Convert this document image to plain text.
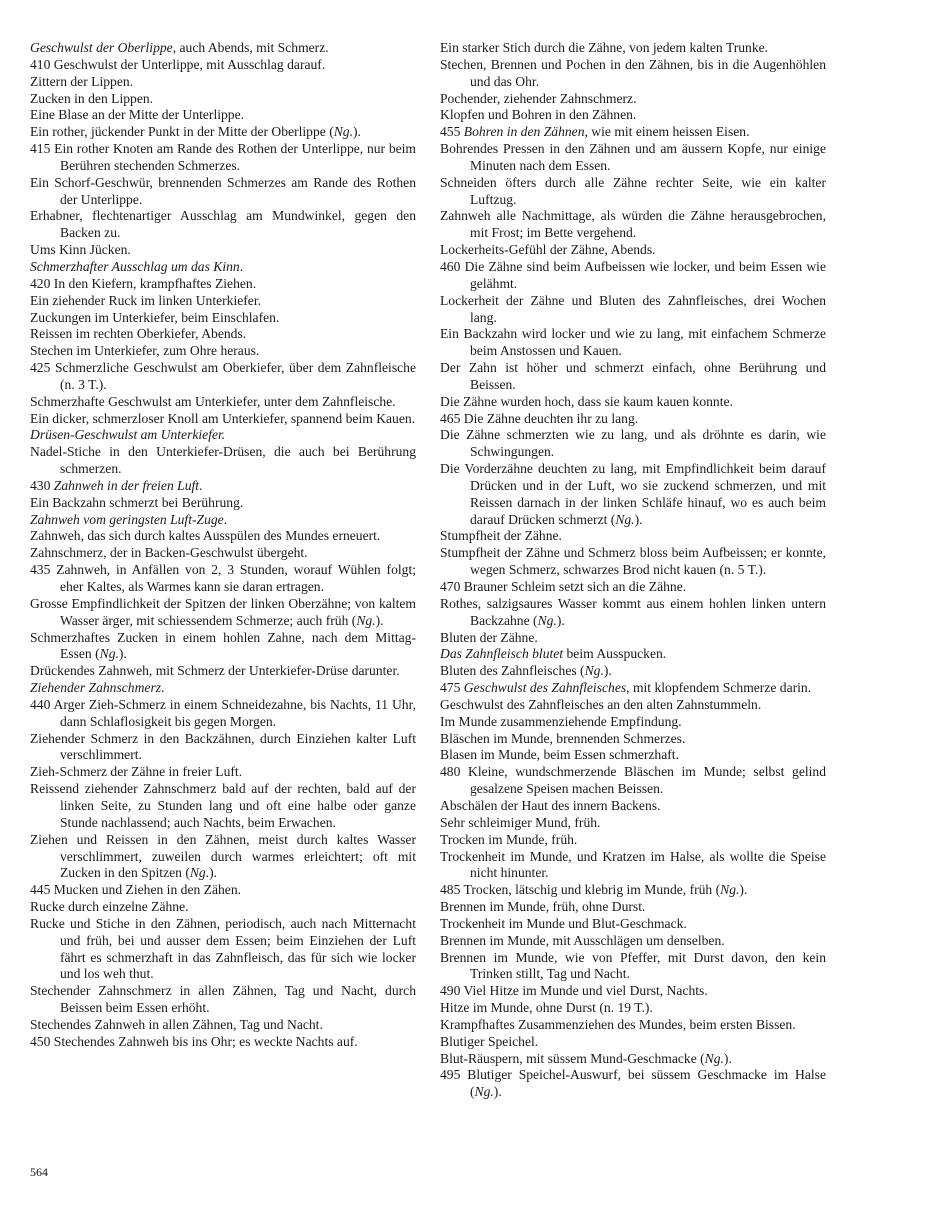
Geschwulst der Oberlippe, auch Abends, mit Schmerz.
410 Geschwulst der Unterlippe, mit Ausschlag darauf.
Zittern der Lippen.
Zucken in den Lippen.
Eine Blase an der Mitte der Unterlippe.
Ein rother, jückender Punkt in der Mitte der Oberlippe (Ng.).
415 Ein rother Knoten am Rande des Rothen der Unterlippe, nur beim Berühren stechenden Schmerzes.
Ein Schorf-Geschwür, brennenden Schmerzes am Rande des Rothen der Unterlippe.
Erhabner, flechtenartiger Ausschlag am Mundwinkel, gegen den Backen zu.
Ums Kinn Jücken.
Schmerzhafter Ausschlag um das Kinn.
420 In den Kiefern, krampfhaftes Ziehen.
Ein ziehender Ruck im linken Unterkiefer.
Zuckungen im Unterkiefer, beim Einschlafen.
Reissen im rechten Oberkiefer, Abends.
Stechen im Unterkiefer, zum Ohre heraus.
425 Schmerzliche Geschwulst am Oberkiefer, über dem Zahnfleische (n. 3 T.).
Schmerzhafte Geschwulst am Unterkiefer, unter dem Zahnfleische.
Ein dicker, schmerzloser Knoll am Unterkiefer, spannend beim Kauen.
Drüsen-Geschwulst am Unterkiefer.
Nadel-Stiche in den Unterkiefer-Drüsen, die auch bei Berührung schmerzen.
430 Zahnweh in der freien Luft.
Ein Backzahn schmerzt bei Berührung.
Zahnweh vom geringsten Luft-Zuge.
Zahnweh, das sich durch kaltes Ausspülen des Mundes erneuert.
Zahnschmerz, der in Backen-Geschwulst übergeht.
435 Zahnweh, in Anfällen von 2, 3 Stunden, worauf Wühlen folgt; eher Kaltes, als Warmes kann sie daran ertragen.
Grosse Empfindlichkeit der Spitzen der linken Oberzähne; von kaltem Wasser ärger, mit schiessendem Schmerze; auch früh (Ng.).
Schmerzhaftes Zucken in einem hohlen Zahne, nach dem Mittag-Essen (Ng.).
Drückendes Zahnweh, mit Schmerz der Unterkiefer-Drüse darunter.
Ziehender Zahnschmerz.
440 Arger Zieh-Schmerz in einem Schneidezahne, bis Nachts, 11 Uhr, dann Schlaflosigkeit bis gegen Morgen.
Ziehender Schmerz in den Backzähnen, durch Einziehen kalter Luft verschlimmert.
Zieh-Schmerz der Zähne in freier Luft.
Reissend ziehender Zahnschmerz bald auf der rechten, bald auf der linken Seite, zu Stunden lang und oft eine halbe oder ganze Stunde nachlassend; auch Nachts, beim Erwachen.
Ziehen und Reissen in den Zähnen, meist durch kaltes Wasser verschlimmert, zuweilen durch warmes erleichtert; oft mit Zucken in den Spitzen (Ng.).
445 Mucken und Ziehen in den Zähen.
Rucke durch einzelne Zähne.
Rucke und Stiche in den Zähnen, periodisch, auch nach Mitternacht und früh, bei und ausser dem Essen; beim Einziehen der Luft fährt es schmerzhaft in das Zahnfleisch, das für sich wie locker und los weh thut.
Stechender Zahnschmerz in allen Zähnen, Tag und Nacht, durch Beissen beim Essen erhöht.
Stechendes Zahnweh in allen Zähnen, Tag und Nacht.
450 Stechendes Zahnweh bis ins Ohr; es weckte Nachts auf.
Ein starker Stich durch die Zähne, von jedem kalten Trunke.
Stechen, Brennen und Pochen in den Zähnen, bis in die Augenhöhlen und das Ohr.
Pochender, ziehender Zahnschmerz.
Klopfen und Bohren in den Zähnen.
455 Bohren in den Zähnen, wie mit einem heissen Eisen.
Bohrendes Pressen in den Zähnen und am äussern Kopfe, nur einige Minuten nach dem Essen.
Schneiden öfters durch alle Zähne rechter Seite, wie ein kalter Luftzug.
Zahnweh alle Nachmittage, als würden die Zähne herausgebrochen, mit Frost; im Bette vergehend.
Lockerheits-Gefühl der Zähne, Abends.
460 Die Zähne sind beim Aufbeissen wie locker, und beim Essen wie gelähmt.
Lockerheit der Zähne und Bluten des Zahnfleisches, drei Wochen lang.
Ein Backzahn wird locker und wie zu lang, mit einfachem Schmerze beim Anstossen und Kauen.
Der Zahn ist höher und schmerzt einfach, ohne Berührung und Beissen.
Die Zähne wurden hoch, dass sie kaum kauen konnte.
465 Die Zähne deuchten ihr zu lang.
Die Zähne schmerzten wie zu lang, und als dröhnte es darin, wie Schwingungen.
Die Vorderzähne deuchten zu lang, mit Empfindlichkeit beim darauf Drücken und in der Luft, wo sie zuckend schmerzen, und mit Reissen darnach in der linken Schläfe hinauf, wo es auch beim darauf Drücken schmerzt (Ng.).
Stumpfheit der Zähne.
Stumpfheit der Zähne und Schmerz bloss beim Aufbeissen; er konnte, wegen Schmerz, schwarzes Brod nicht kauen (n. 5 T.).
470 Brauner Schleim setzt sich an die Zähne.
Rothes, salzigsaures Wasser kommt aus einem hohlen linken untern Backzahne (Ng.).
Bluten der Zähne.
Das Zahnfleisch blutet beim Ausspucken.
Bluten des Zahnfleisches (Ng.).
475 Geschwulst des Zahnfleisches, mit klopfendem Schmerze darin.
Geschwulst des Zahnfleisches an den alten Zahnstummeln.
Im Munde zusammenziehende Empfindung.
Bläschen im Munde, brennenden Schmerzes.
Blasen im Munde, beim Essen schmerzhaft.
480 Kleine, wundschmerzende Bläschen im Munde; selbst gelind gesalzene Speisen machen Beissen.
Abschälen der Haut des innern Backens.
Sehr schleimiger Mund, früh.
Trocken im Munde, früh.
Trockenheit im Munde, und Kratzen im Halse, als wollte die Speise nicht hinunter.
485 Trocken, lätschig und klebrig im Munde, früh (Ng.).
Brennen im Munde, früh, ohne Durst.
Trockenheit im Munde und Blut-Geschmack.
Brennen im Munde, mit Ausschlägen um denselben.
Brennen im Munde, wie von Pfeffer, mit Durst davon, den kein Trinken stillt, Tag und Nacht.
490 Viel Hitze im Munde und viel Durst, Nachts.
Hitze im Munde, ohne Durst (n. 19 T.).
Krampfhaftes Zusammenziehen des Mundes, beim ersten Bissen.
Blutiger Speichel.
Blut-Räuspern, mit süssem Mund-Geschmacke (Ng.).
495 Blutiger Speichel-Auswurf, bei süssem Geschmacke im Halse (Ng.).
564
